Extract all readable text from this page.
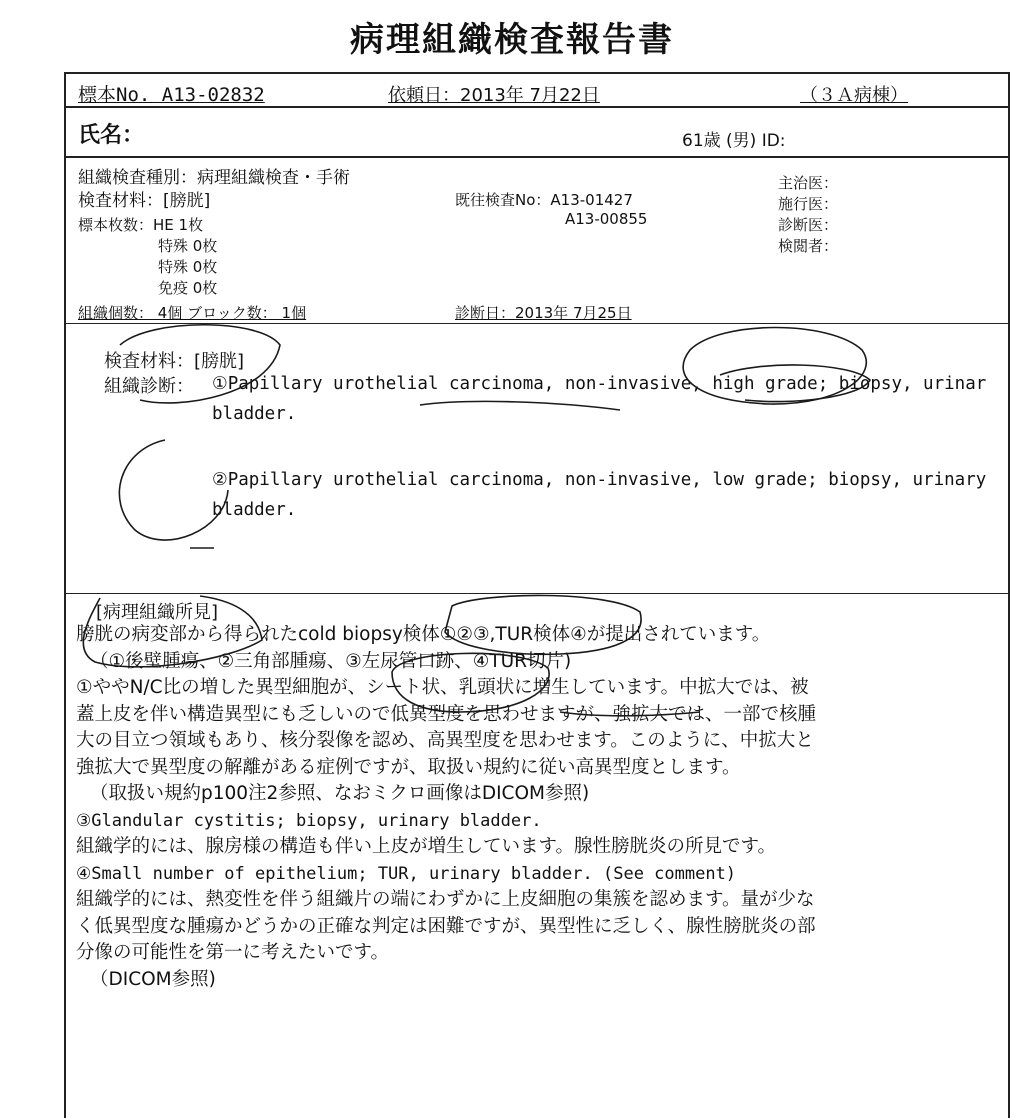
病理組織検査報告書
標本No. A13-02832	依頼日：2013年 7月22日	（３Ａ病棟）
氏名：	61歳 (男) ID:
組織検査種別：病理組織検査・手術
検査材料：[膀胱]
標本枚数：HE 1枚
特殊 0枚
特殊 0枚
免疫 0枚
既往検査No：A13-01427
A13-00855
主治医：
施行医：
診断医：
検閲者：
組織個数： 4個 ブロック数： 1個	診断日：2013年 7月25日
検査材料：[膀胱]
組織診断： ①Papillary urothelial carcinoma, non-invasive, high grade; biopsy, urinar
bladder.
②Papillary urothelial carcinoma, non-invasive, low grade; biopsy, urinary
bladder.
[病理組織所見]
膀胱の病変部から得られたcold biopsy検体①②③,TUR検体④が提出されています。
（①後壁腫瘍、②三角部腫瘍、③左尿管口跡、④TUR切片)
①ややN/C比の増した異型細胞が、シート状、乳頭状に増生しています。中拡大では、被
蓋上皮を伴い構造異型にも乏しいので低異型度を思わせますが、強拡大では、一部で核腫
大の目立つ領域もあり、核分裂像を認め、高異型度を思わせます。このように、中拡大と
強拡大で異型度の解離がある症例ですが、取扱い規約に従い高異型度とします。
（取扱い規約p100注2参照、なおミクロ画像はDICOM参照)
③Glandular cystitis; biopsy, urinary bladder.
組織学的には、腺房様の構造も伴い上皮が増生しています。腺性膀胱炎の所見です。
④Small number of epithelium; TUR, urinary bladder. (See comment)
組織学的には、熱変性を伴う組織片の端にわずかに上皮細胞の集簇を認めます。量が少な
く低異型度な腫瘍かどうかの正確な判定は困難ですが、異型性に乏しく、腺性膀胱炎の部
分像の可能性を第一に考えたいです。
（DICOM参照)
